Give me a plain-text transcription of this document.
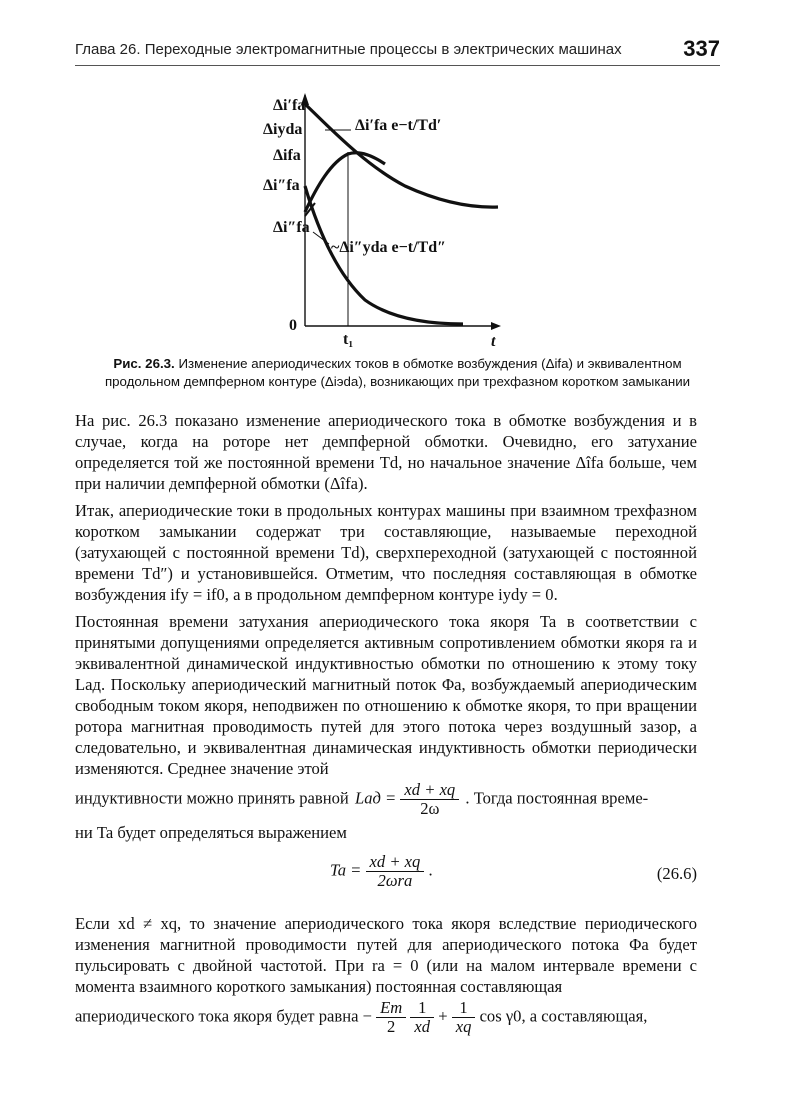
Глава 26. Переходные электромагнитные процессы в электрических машинах	337
Δi′fa
Δiyda
Δifa
Δi″fa
Δi″fa
Δi′fa e−t/Td′
~Δi″yda e−t/Td″
0
t₁	t
Рис. 26.3. Изменение апериодических токов в обмотке возбуждения (Δifa) и эквивалентном продольном демпферном контуре (Δiэda), возникающих при трехфазном коротком замыкании

На рис. 26.3 показано изменение апериодического тока в обмотке возбуждения и в случае, когда на роторе нет демпферной обмотки. Очевидно, его затухание определяется той же постоянной времени Td, но начальное значение Δîfa больше, чем при наличии демпферной обмотки (Δîfa).

Итак, апериодические токи в продольных контурах машины при взаимном трехфазном коротком замыкании содержат три составляющие, называемые переходной (затухающей с постоянной времени Td), сверхпереходной (затухающей с постоянной времени Td″) и установившейся. Отметим, что последняя составляющая в обмотке возбуждения ify = if0, а в продольном демпферном контуре iydy = 0.

Постоянная времени затухания апериодического тока якоря Ta в соответствии с принятыми допущениями определяется активным сопротивлением обмотки якоря ra и эквивалентной динамической индуктивностью обмотки по отношению к этому току Laд. Поскольку апериодический магнитный поток Φa, возбуждаемый апериодическим свободным током якоря, неподвижен по отношению к обмотке якоря, то при вращении ротора магнитная проводимость путей для этого потока через воздушный зазор, а следовательно, и эквивалентная динамическая индуктивность обмотки периодически изменяются. Среднее значение этой

индуктивности можно принять равной Lад = $\frac{xd + xq}{2\omega}$ . Тогда постоянная време-

ни Ta будет определяться выражением

$Ta = \frac{xd + xq}{\text{2ωra}}$ .	(26.6)

Если xd ≠ xq, то значение апериодического тока якоря вследствие периодического изменения магнитной проводимости путей для апериодического потока Φa будет пульсировать с двойной частотой. При ra = 0 (или на малом интервале времени с момента взаимного короткого замыкания) постоянная составляющая

апериодического тока якоря будет равна − $\frac{Em}{2}$
$\frac{1}{xd} + \frac{1}{xq}$ cos γ0, а составляющая,
